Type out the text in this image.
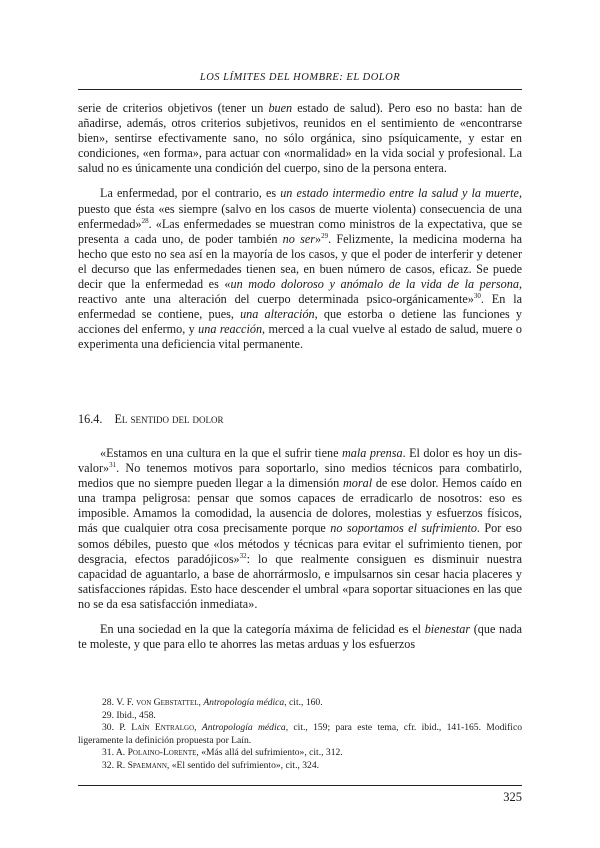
LOS LÍMITES DEL HOMBRE: EL DOLOR

serie de criterios objetivos (tener un buen estado de salud). Pero eso no basta: han de añadirse, además, otros criterios subjetivos, reunidos en el sentimiento de «encontrarse bien», sentirse efectivamente sano, no sólo orgánica, sino psíquicamente, y estar en condiciones, «en forma», para actuar con «normalidad» en la vida social y profesional. La salud no es únicamente una condición del cuerpo, sino de la persona entera.

La enfermedad, por el contrario, es un estado intermedio entre la salud y la muerte, puesto que ésta «es siempre (salvo en los casos de muerte violenta) consecuencia de una enfermedad»$^{28}$. «Las enfermedades se muestran como ministros de la expectativa, que se presenta a cada uno, de poder también no ser»$^{29}$. Felizmente, la medicina moderna ha hecho que esto no sea así en la mayoría de los casos, y que el poder de interferir y detener el decurso que las enfermedades tienen sea, en buen número de casos, eficaz. Se puede decir que la enfermedad es «un modo doloroso y anómalo de la vida de la persona, reactivo ante una alteración del cuerpo determinada psico-orgánicamente»$^{30}$. En la enfermedad se contiene, pues, una alteración, que estorba o detiene las funciones y acciones del enfermo, y una reacción, merced a la cual vuelve al estado de salud, muere o experimenta una deficiencia vital permanente.

16.4. El sentido del dolor

«Estamos en una cultura en la que el sufrir tiene mala prensa. El dolor es hoy un dis-valor»$^{31}$. No tenemos motivos para soportarlo, sino medios técnicos para combatirlo, medios que no siempre pueden llegar a la dimensión moral de ese dolor. Hemos caído en una trampa peligrosa: pensar que somos capaces de erradicarlo de nosotros: eso es imposible. Amamos la comodidad, la ausencia de dolores, molestias y esfuerzos físicos, más que cualquier otra cosa precisamente porque no soportamos el sufrimiento. Por eso somos débiles, puesto que «los métodos y técnicas para evitar el sufrimiento tienen, por desgracia, efectos paradójicos»$^{32}$: lo que realmente consiguen es disminuir nuestra capacidad de aguantarlo, a base de ahorrármoslo, e impulsarnos sin cesar hacia placeres y satisfacciones rápidas. Esto hace descender el umbral «para soportar situaciones en las que no se da esa satisfacción inmediata».

En una sociedad en la que la categoría máxima de felicidad es el bienestar (que nada te moleste, y que para ello te ahorres las metas arduas y los esfuerzos

28. V. F. von Gebstattel, Antropología médica, cit., 160.
29. Ibid., 458.
30. P. Laín Entralgo, Antropología médica, cit., 159; para este tema, cfr. ibid., 141-165. Modifico ligeramente la definición propuesta por Laín.
31. A. Polaino-Lorente, «Más allá del sufrimiento», cit., 312.
32. R. Spaemann, «El sentido del sufrimiento», cit., 324.
325
